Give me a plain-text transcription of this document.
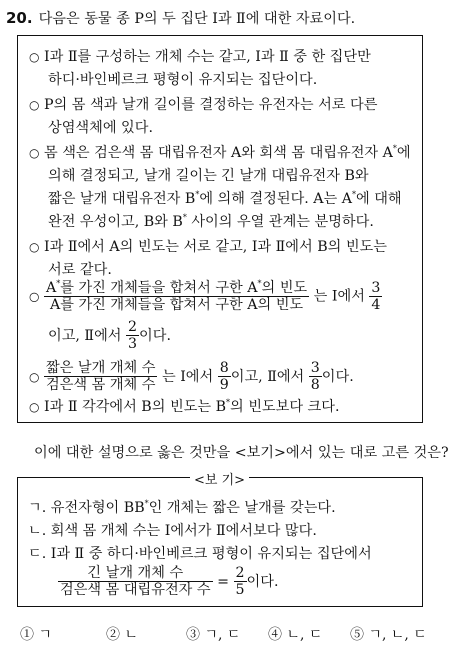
20. 다음은 동물 종 P의 두 집단 Ⅰ과 Ⅱ에 대한 자료이다.
○ Ⅰ과 Ⅱ를 구성하는 개체 수는 같고, Ⅰ과 Ⅱ 중 한 집단만
하디·바인베르크 평형이 유지되는 집단이다.
○ P의 몸 색과 날개 길이를 결정하는 유전자는 서로 다른
상염색체에 있다.
○ 몸 색은 검은색 몸 대립유전자 A와 회색 몸 대립유전자 A*에
의해 결정되고, 날개 길이는 긴 날개 대립유전자 B와
짧은 날개 대립유전자 B*에 의해 결정된다. A는 A*에 대해
완전 우성이고, B와 B* 사이의 우열 관계는 분명하다.
○ Ⅰ과 Ⅱ에서 A의 빈도는 서로 같고, Ⅰ과 Ⅱ에서 B의 빈도는
서로 같다.
○ $\frac{A^*를 가진 개체들을 합쳐서 구한 A^*의 빈도}{\text{A를 가진 개체들을 합쳐서 구한 A의 빈도}}$ 는 Ⅰ에서 $\frac{3}{4}$
이고, Ⅱ에서 $\frac{2}{3}$ 이다.
○ $\frac{\text{짧은 날개 개체 수}}{\text{검은색 몸 개체 수}}$ 는 Ⅰ에서 $\frac{8}{9}$ 이고, Ⅱ에서 $\frac{3}{8}$ 이다.
○ Ⅰ과 Ⅱ 각각에서 B의 빈도는 B*의 빈도보다 크다.
이에 대한 설명으로 옳은 것만을 <보기>에서 있는 대로 고른 것은?
<보 기>
ㄱ. 유전자형이 BB*인 개체는 짧은 날개를 갖는다.
ㄴ. 회색 몸 개체 수는 Ⅰ에서가 Ⅱ에서보다 많다.
ㄷ. Ⅰ과 Ⅱ 중 하디·바인베르크 평형이 유지되는 집단에서
$\frac{\text{긴 날개 개체 수}}{\text{검은색 몸 대립유전자 수}} = \frac{2}{5}$ 이다.
① ㄱ	② ㄴ	③ ㄱ, ㄷ ④ ㄴ, ㄷ ⑤ ㄱ, ㄴ, ㄷ
